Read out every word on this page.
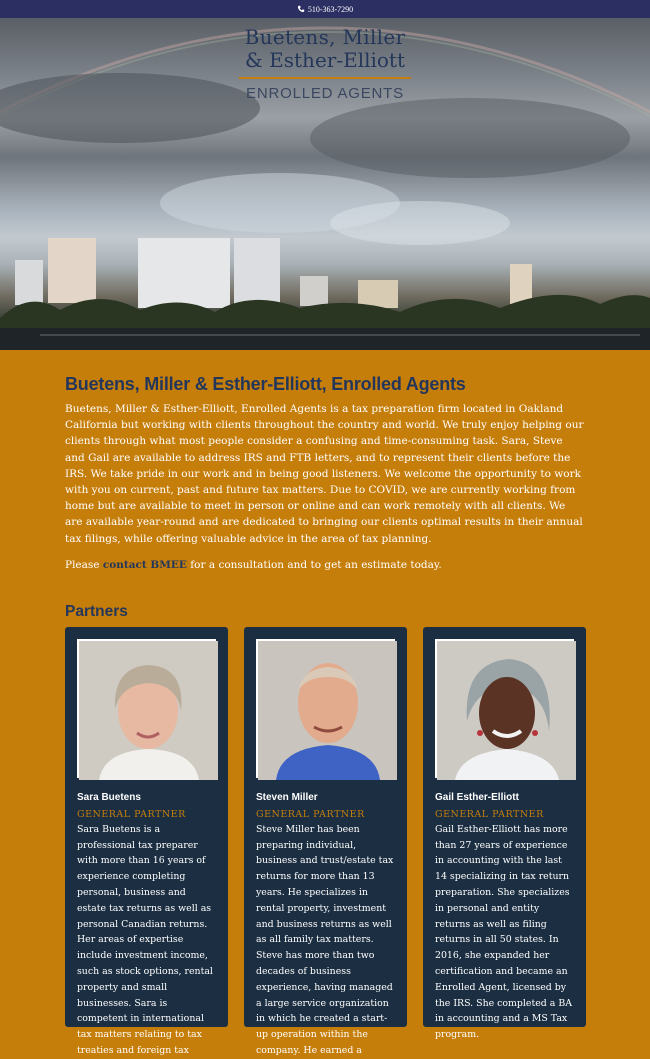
510-363-7290
Buetens, Miller
& Esther-Elliott
ENROLLED AGENTS
Buetens, Miller & Esther-Elliott, Enrolled Agents

Buetens, Miller & Esther-Elliott, Enrolled Agents is a tax preparation firm located in Oakland California but working with clients throughout the country and world. We truly enjoy helping our clients through what most people consider a confusing and time-consuming task. Sara, Steve and Gail are available to address IRS and FTB letters, and to represent their clients before the IRS. We take pride in our work and in being good listeners. We welcome the opportunity to work with you on current, past and future tax matters. Due to COVID, we are currently working from home but are available to meet in person or online and can work remotely with all clients. We are available year-round and are dedicated to bringing our clients optimal results in their annual tax filings, while offering valuable advice in the area of tax planning.

Please contact BMEE for a consultation and to get an estimate today.

Partners
Sara Buetens
GENERAL PARTNER
Sara Buetens is a professional tax preparer with more than 16 years of experience completing personal, business and estate tax returns as well as personal Canadian returns. Her areas of expertise include investment income, such as stock options, rental property and small businesses. Sara is competent in international tax matters relating to tax treaties and foreign tax
Steven Miller
GENERAL PARTNER
Steve Miller has been preparing individual, business and trust/estate tax returns for more than 13 years. He specializes in rental property, investment and business returns as well as all family tax matters. Steve has more than two decades of business experience, having managed a large service organization in which he created a start-up operation within the company. He earned a
Gail Esther-Elliott
GENERAL PARTNER
Gail Esther-Elliott has more than 27 years of experience in accounting with the last 14 specializing in tax return preparation. She specializes in personal and entity returns as well as filing returns in all 50 states. In 2016, she expanded her certification and became an Enrolled Agent, licensed by the IRS. She completed a BA in accounting and a MS Tax program.
